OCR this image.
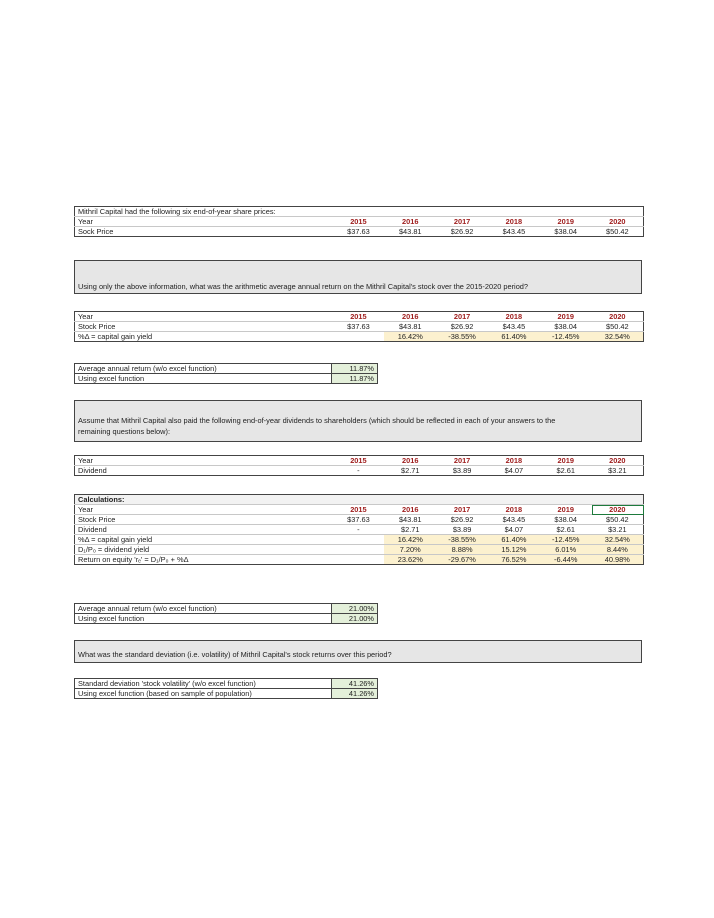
Mithril Capital had the following six end-of-year share prices:						
Year	2015	2016	2017	2018	2019	2020
Sock Price	$37.63	$43.81	$26.92	$43.45	$38.04	$50.42
Using only the above information, what was the arithmetic average annual return on the Mithril Capital's stock over the 2015-2020 period?
Year	2015	2016	2017	2018	2019	2020
Stock Price	$37.63	$43.81	$26.92	$43.45	$38.04	$50.42
%Δ = capital gain yield		16.42%	-38.55%	61.40%	-12.45%	32.54%
Average annual return (w/o excel function)	11.87%
Using excel function	11.87%
Assume that Mithril Capital also paid the following end-of-year dividends to shareholders (which should be reflected in each of your answers to the
remaining questions below):
Year	2015	2016	2017	2018	2019	2020
Dividend	-	$2.71	$3.89	$4.07	$2.61	$3.21
Calculations:						
Year	2015	2016	2017	2018	2019	2020
Stock Price	$37.63	$43.81	$26.92	$43.45	$38.04	$50.42
Dividend	-	$2.71	$3.89	$4.07	$2.61	$3.21
%Δ = capital gain yield		16.42%	-38.55%	61.40%	-12.45%	32.54%
D₁/P₀ = dividend yield		7.20%	8.88%	15.12%	6.01%	8.44%
Return on equity 'rₑ' = D₁/P₀ + %Δ		23.62%	-29.67%	76.52%	-6.44%	40.98%
Average annual return (w/o excel function)	21.00%
Using excel function	21.00%
What was the standard deviation (i.e. volatility) of Mithril Capital's stock returns over this period?
Standard deviation 'stock volatility' (w/o excel function)	41.26%
Using excel function (based on sample of population)	41.26%
